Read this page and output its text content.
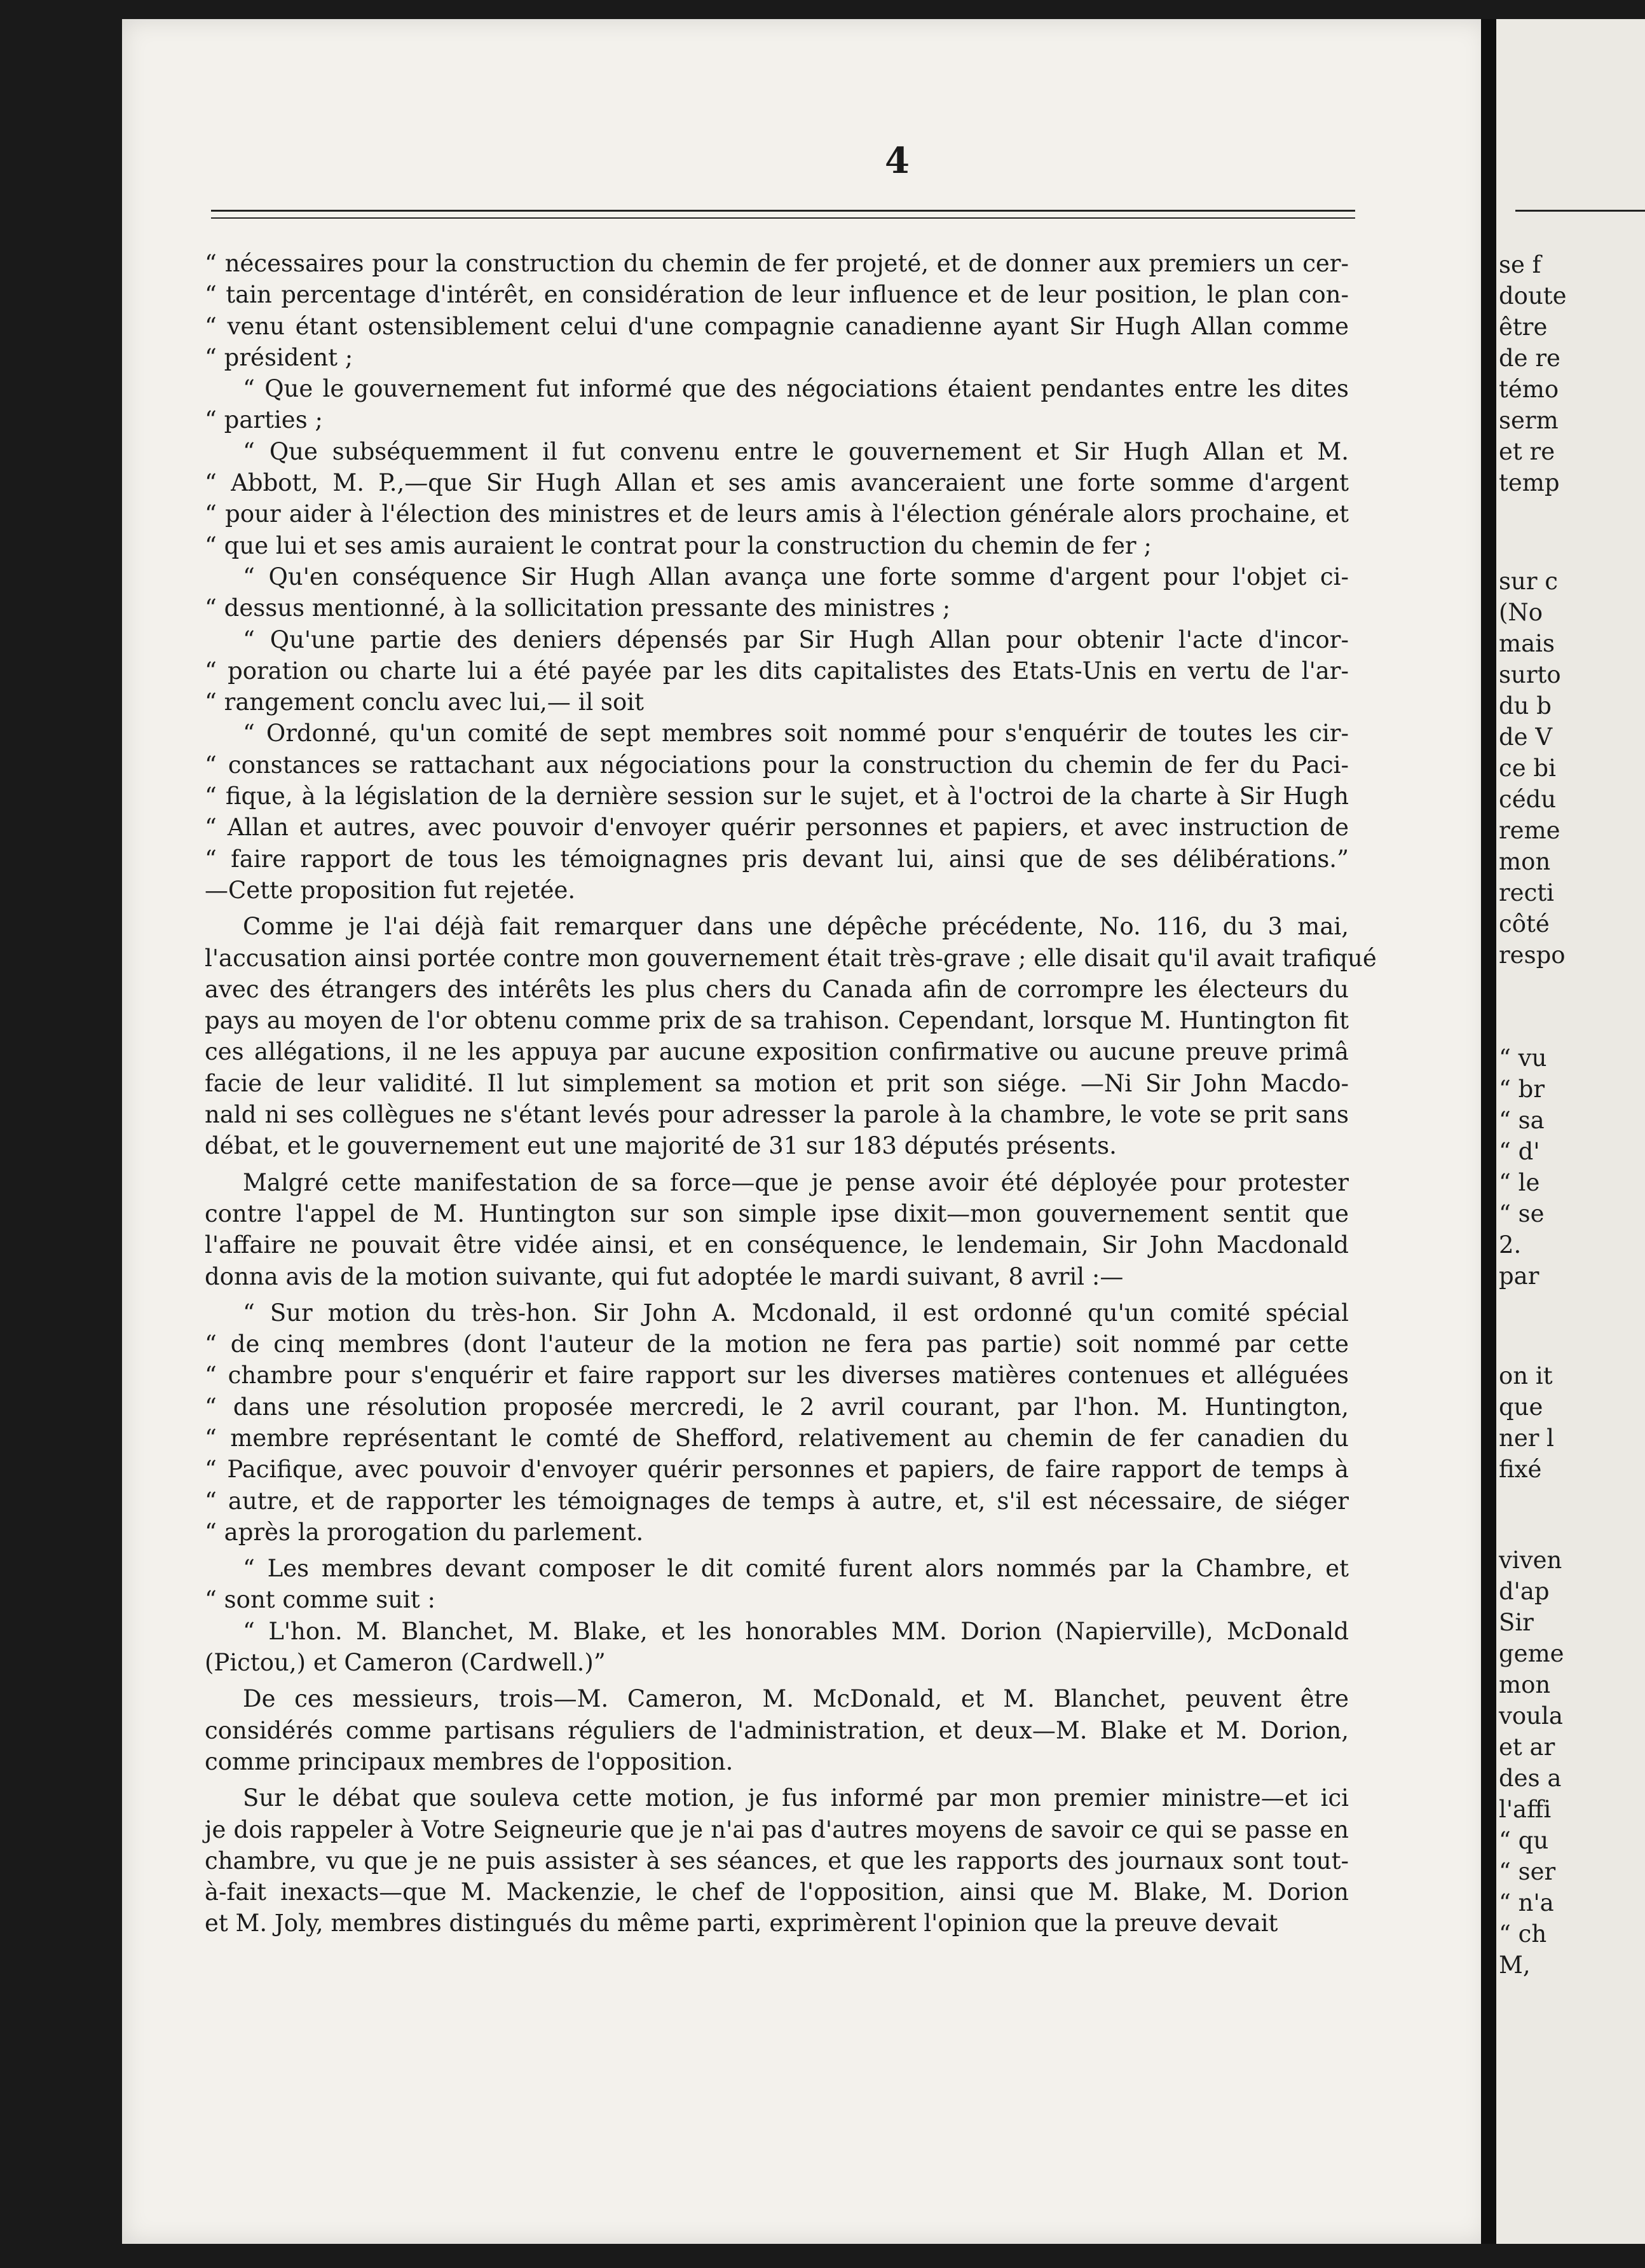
4
“ nécessaires pour la construction du chemin de fer projeté, et de donner aux premiers un cer-
“ tain percentage d'intérêt, en considération de leur influence et de leur position, le plan con-
“ venu étant ostensiblement celui d'une compagnie canadienne ayant Sir Hugh Allan comme
“ président ;
“ Que le gouvernement fut informé que des négociations étaient pendantes entre les dites
“ parties ;
“ Que subséquemment il fut convenu entre le gouvernement et Sir Hugh Allan et M.
“ Abbott, M. P.,—que Sir Hugh Allan et ses amis avanceraient une forte somme d'argent
“ pour aider à l'élection des ministres et de leurs amis à l'élection générale alors prochaine, et
“ que lui et ses amis auraient le contrat pour la construction du chemin de fer ;
“ Qu'en conséquence Sir Hugh Allan avança une forte somme d'argent pour l'objet ci-
“ dessus mentionné, à la sollicitation pressante des ministres ;
“ Qu'une partie des deniers dépensés par Sir Hugh Allan pour obtenir l'acte d'incor-
“ poration ou charte lui a été payée par les dits capitalistes des Etats-Unis en vertu de l'ar-
“ rangement conclu avec lui,— il soit
“ Ordonné, qu'un comité de sept membres soit nommé pour s'enquérir de toutes les cir-
“ constances se rattachant aux négociations pour la construction du chemin de fer du Paci-
“ fique, à la législation de la dernière session sur le sujet, et à l'octroi de la charte à Sir Hugh
“ Allan et autres, avec pouvoir d'envoyer quérir personnes et papiers, et avec instruction de
“ faire rapport de tous les témoignagnes pris devant lui, ainsi que de ses délibérations.”
—Cette proposition fut rejetée.
Comme je l'ai déjà fait remarquer dans une dépêche précédente, No. 116, du 3 mai,
l'accusation ainsi portée contre mon gouvernement était très-grave ; elle disait qu'il avait trafiqué
avec des étrangers des intérêts les plus chers du Canada afin de corrompre les électeurs du
pays au moyen de l'or obtenu comme prix de sa trahison. Cependant, lorsque M. Huntington fit
ces allégations, il ne les appuya par aucune exposition confirmative ou aucune preuve primâ
facie de leur validité. Il lut simplement sa motion et prit son siége. —Ni Sir John Macdo-
nald ni ses collègues ne s'étant levés pour adresser la parole à la chambre, le vote se prit sans
débat, et le gouvernement eut une majorité de 31 sur 183 députés présents.
Malgré cette manifestation de sa force—que je pense avoir été déployée pour protester
contre l'appel de M. Huntington sur son simple ipse dixit—mon gouvernement sentit que
l'affaire ne pouvait être vidée ainsi, et en conséquence, le lendemain, Sir John Macdonald
donna avis de la motion suivante, qui fut adoptée le mardi suivant, 8 avril :—
“ Sur motion du très-hon. Sir John A. Mcdonald, il est ordonné qu'un comité spécial
“ de cinq membres (dont l'auteur de la motion ne fera pas partie) soit nommé par cette
“ chambre pour s'enquérir et faire rapport sur les diverses matières contenues et alléguées
“ dans une résolution proposée mercredi, le 2 avril courant, par l'hon. M. Huntington,
“ membre représentant le comté de Shefford, relativement au chemin de fer canadien du
“ Pacifique, avec pouvoir d'envoyer quérir personnes et papiers, de faire rapport de temps à
“ autre, et de rapporter les témoignages de temps à autre, et, s'il est nécessaire, de siéger
“ après la prorogation du parlement.
“ Les membres devant composer le dit comité furent alors nommés par la Chambre, et
“ sont comme suit :
“ L'hon. M. Blanchet, M. Blake, et les honorables MM. Dorion (Napierville), McDonald
(Pictou,) et Cameron (Cardwell.)”
De ces messieurs, trois—M. Cameron, M. McDonald, et M. Blanchet, peuvent être
considérés comme partisans réguliers de l'administration, et deux—M. Blake et M. Dorion,
comme principaux membres de l'opposition.
Sur le débat que souleva cette motion, je fus informé par mon premier ministre—et ici
je dois rappeler à Votre Seigneurie que je n'ai pas d'autres moyens de savoir ce qui se passe en
chambre, vu que je ne puis assister à ses séances, et que les rapports des journaux sont tout-
à-fait inexacts—que M. Mackenzie, le chef de l'opposition, ainsi que M. Blake, M. Dorion
et M. Joly, membres distingués du même parti, exprimèrent l'opinion que la preuve devait
se f
doute
être
de re
témo
serm
et re
temp
sur c
(No
mais
surto
du b
de V
ce bi
cédu
reme
mon
recti
côté
respo
“ vu
“ br
“ sa
“ d'
“ le
“ se
2.
par
on it
que
ner l
fixé
viven
d'ap
Sir
geme
mon
voula
et ar
des a
l'affi
“ qu
“ ser
“ n'a
“ ch
M,
